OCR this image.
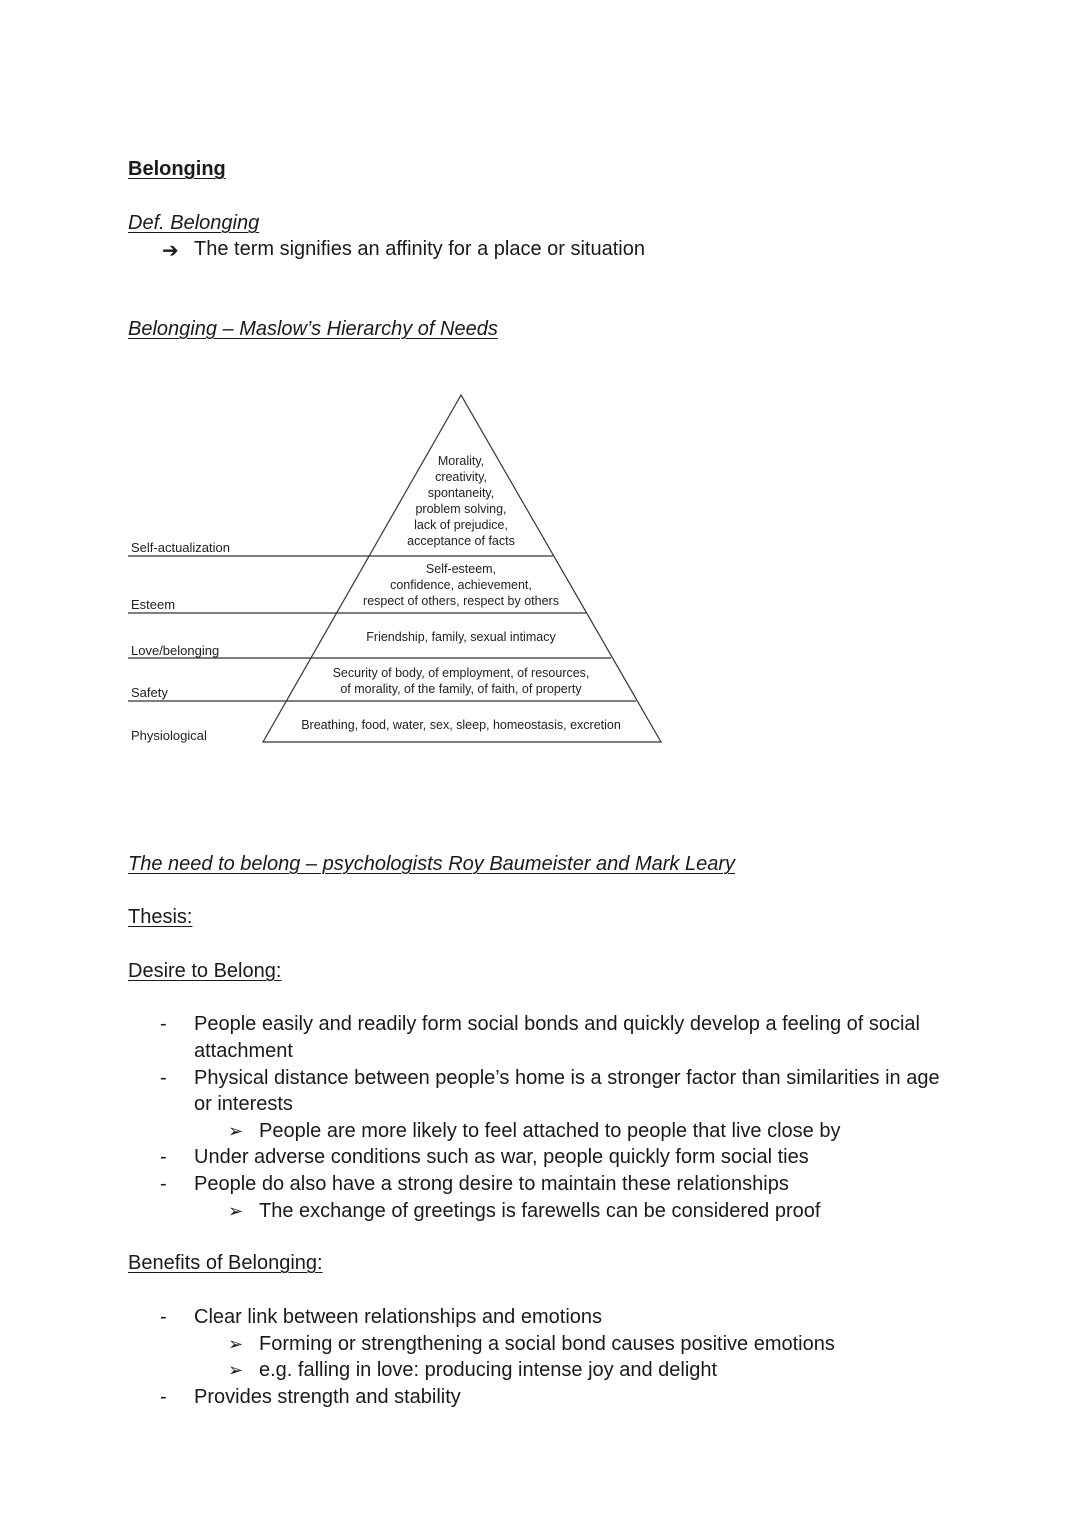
Belonging
Def. Belonging
➔ The term signifies an affinity for a place or situation
Belonging – Maslow’s Hierarchy of Needs
Self-actualization
Esteem
Love/belonging
Safety
Physiological
Morality,
creativity,
spontaneity,
problem solving,
lack of prejudice,
acceptance of facts
Self-esteem,
confidence, achievement,
respect of others, respect by others
Friendship, family, sexual intimacy
Security of body, of employment, of resources,
of morality, of the family, of faith, of property
Breathing, food, water, sex, sleep, homeostasis, excretion
The need to belong – psychologists Roy Baumeister and Mark Leary
Thesis:
Desire to Belong:
- People easily and readily form social bonds and quickly develop a feeling of social
attachment
- Physical distance between people’s home is a stronger factor than similarities in age
or interests
➢ People are more likely to feel attached to people that live close by
- Under adverse conditions such as war, people quickly form social ties
- People do also have a strong desire to maintain these relationships
➢ The exchange of greetings is farewells can be considered proof
Benefits of Belonging:
- Clear link between relationships and emotions
➢ Forming or strengthening a social bond causes positive emotions
➢ e.g. falling in love: producing intense joy and delight
- Provides strength and stability
